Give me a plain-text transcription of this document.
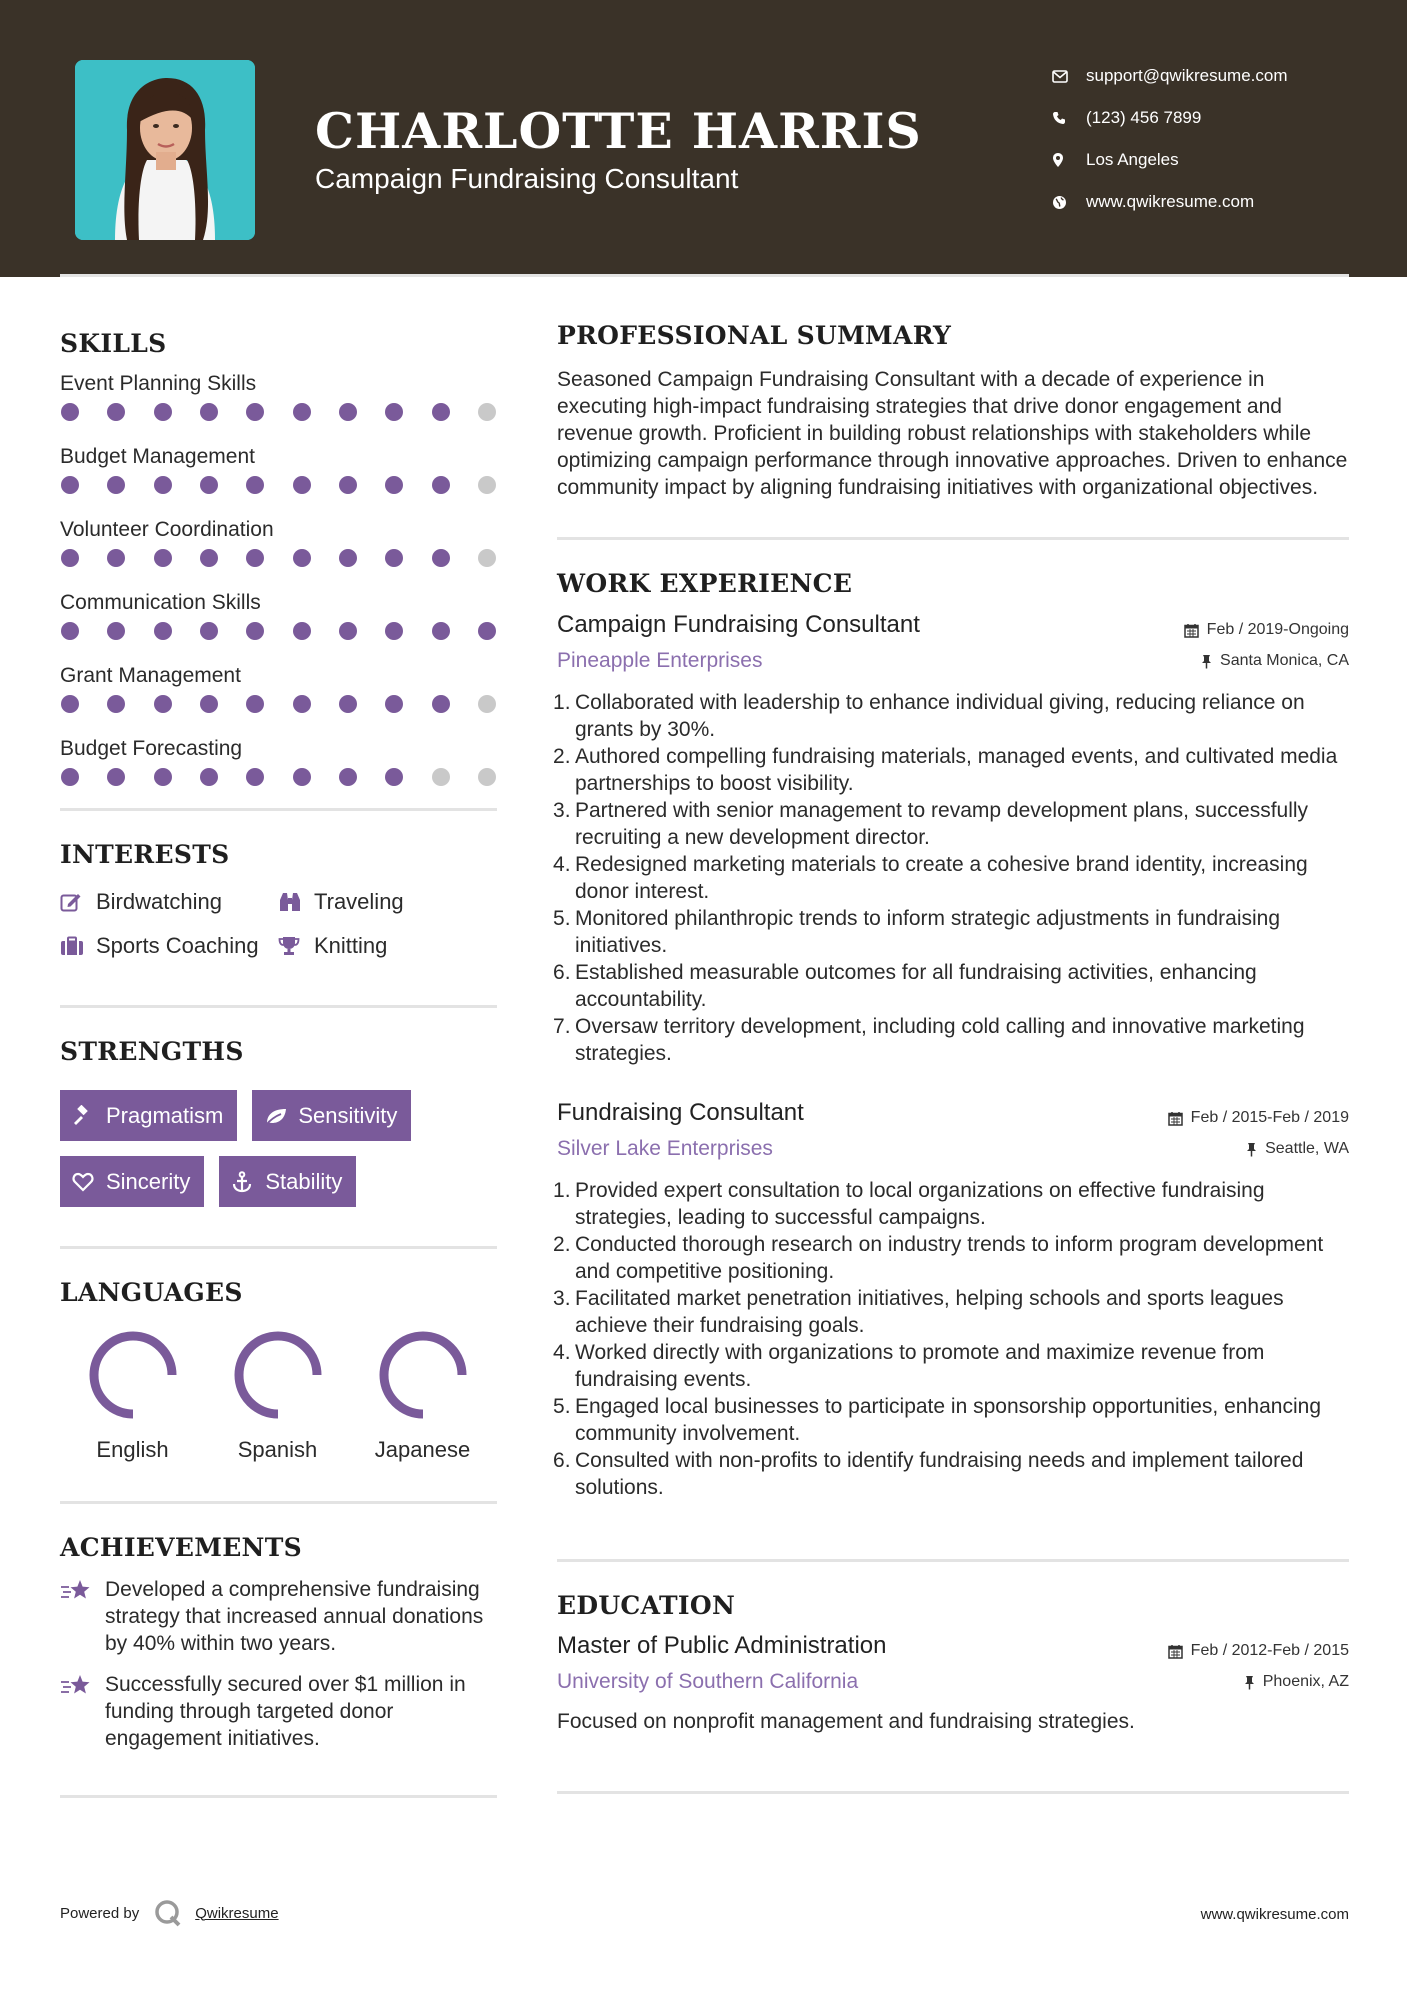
CHARLOTTE HARRIS
Campaign Fundraising Consultant
support@qwikresume.com
(123) 456 7899
Los Angeles
www.qwikresume.com
SKILLS
Event Planning Skills
Budget Management
Volunteer Coordination
Communication Skills
Grant Management
Budget Forecasting
INTERESTS
Birdwatching	Traveling
Sports Coaching	Knitting
STRENGTHS
Pragmatism	Sensitivity
Sincerity	Stability
LANGUAGES
English	Spanish	Japanese
ACHIEVEMENTS
Developed a comprehensive fundraising strategy that increased annual donations by 40% within two years.
Successfully secured over $1 million in funding through targeted donor engagement initiatives.
PROFESSIONAL SUMMARY
Seasoned Campaign Fundraising Consultant with a decade of experience in executing high-impact fundraising strategies that drive donor engagement and revenue growth. Proficient in building robust relationships with stakeholders while optimizing campaign performance through innovative approaches. Driven to enhance community impact by aligning fundraising initiatives with organizational objectives.
WORK EXPERIENCE
Campaign Fundraising Consultant	Feb / 2019-Ongoing
Pineapple Enterprises	Santa Monica, CA
Collaborated with leadership to enhance individual giving, reducing reliance on grants by 30%.
Authored compelling fundraising materials, managed events, and cultivated media partnerships to boost visibility.
Partnered with senior management to revamp development plans, successfully recruiting a new development director.
Redesigned marketing materials to create a cohesive brand identity, increasing donor interest.
Monitored philanthropic trends to inform strategic adjustments in fundraising initiatives.
Established measurable outcomes for all fundraising activities, enhancing accountability.
Oversaw territory development, including cold calling and innovative marketing strategies.
Fundraising Consultant	Feb / 2015-Feb / 2019
Silver Lake Enterprises	Seattle, WA
Provided expert consultation to local organizations on effective fundraising strategies, leading to successful campaigns.
Conducted thorough research on industry trends to inform program development and competitive positioning.
Facilitated market penetration initiatives, helping schools and sports leagues achieve their fundraising goals.
Worked directly with organizations to promote and maximize revenue from fundraising events.
Engaged local businesses to participate in sponsorship opportunities, enhancing community involvement.
Consulted with non-profits to identify fundraising needs and implement tailored solutions.
EDUCATION
Master of Public Administration	Feb / 2012-Feb / 2015
University of Southern California	Phoenix, AZ
Focused on nonprofit management and fundraising strategies.
Powered by	Qwikresume	www.qwikresume.com
